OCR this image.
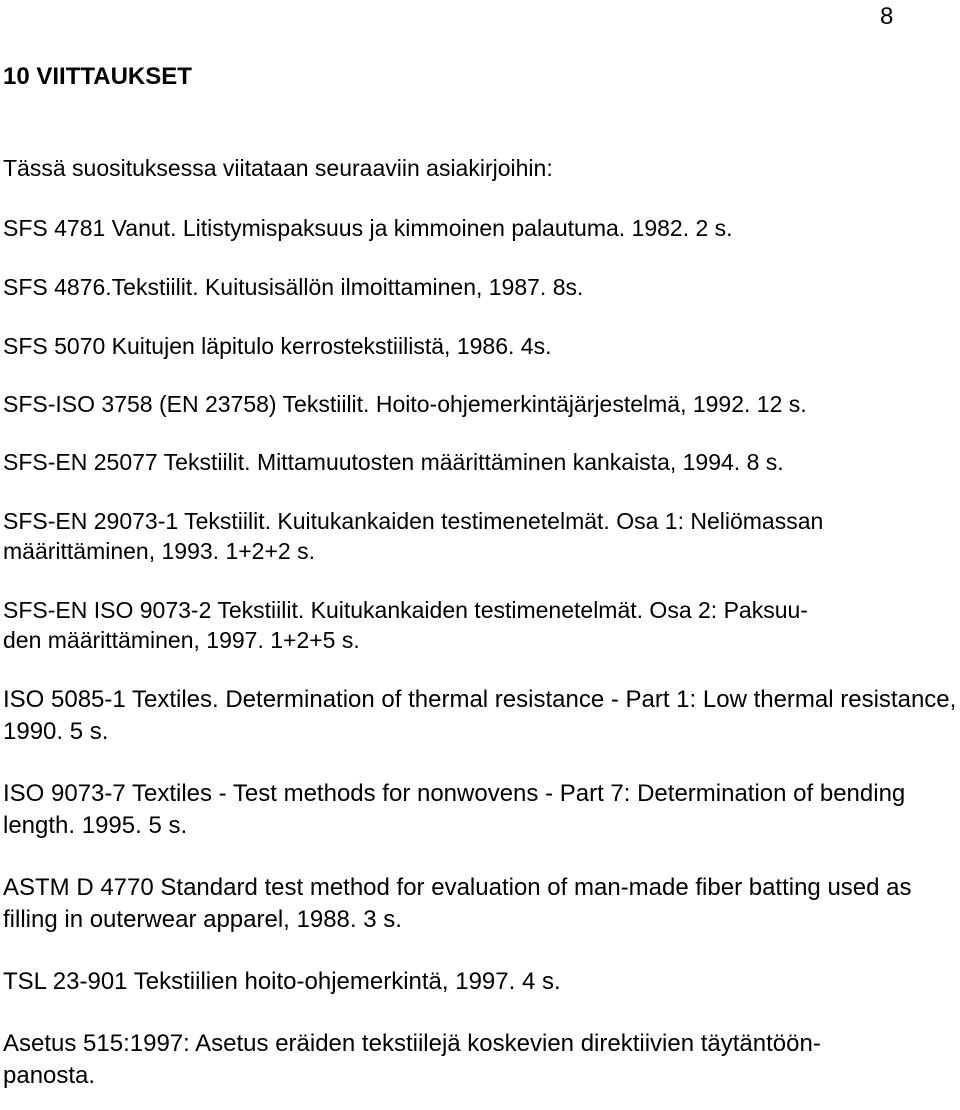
8
10 VIITTAUKSET

Tässä suosituksessa viitataan seuraaviin asiakirjoihin:

SFS 4781 Vanut. Litistymispaksuus ja kimmoinen palautuma. 1982. 2 s.
SFS 4876.Tekstiilit. Kuitusisällön ilmoittaminen, 1987. 8s.
SFS 5070 Kuitujen läpitulo kerrostekstiilistä, 1986. 4s.
SFS-ISO 3758 (EN 23758) Tekstiilit. Hoito-ohjemerkintäjärjestelmä, 1992. 12 s.
SFS-EN 25077 Tekstiilit. Mittamuutosten määrittäminen kankaista, 1994. 8 s.
SFS-EN 29073-1 Tekstiilit. Kuitukankaiden testimenetelmät. Osa 1: Neliömassan määrittäminen, 1993. 1+2+2 s.
SFS-EN ISO 9073-2 Tekstiilit. Kuitukankaiden testimenetelmät. Osa 2: Paksuu-
den määrittäminen, 1997. 1+2+5 s.
ISO 5085-1 Textiles. Determination of thermal resistance - Part 1: Low thermal resistance, 1990. 5 s.
ISO 9073-7 Textiles - Test methods for nonwovens - Part 7: Determination of bending length. 1995. 5 s.
ASTM D 4770 Standard test method for evaluation of man-made fiber batting used as filling in outerwear apparel, 1988. 3 s.
TSL 23-901 Tekstiilien hoito-ohjemerkintä, 1997. 4 s.
Asetus 515:1997: Asetus eräiden tekstiilejä koskevien direktiivien täytäntöön-
panosta.
